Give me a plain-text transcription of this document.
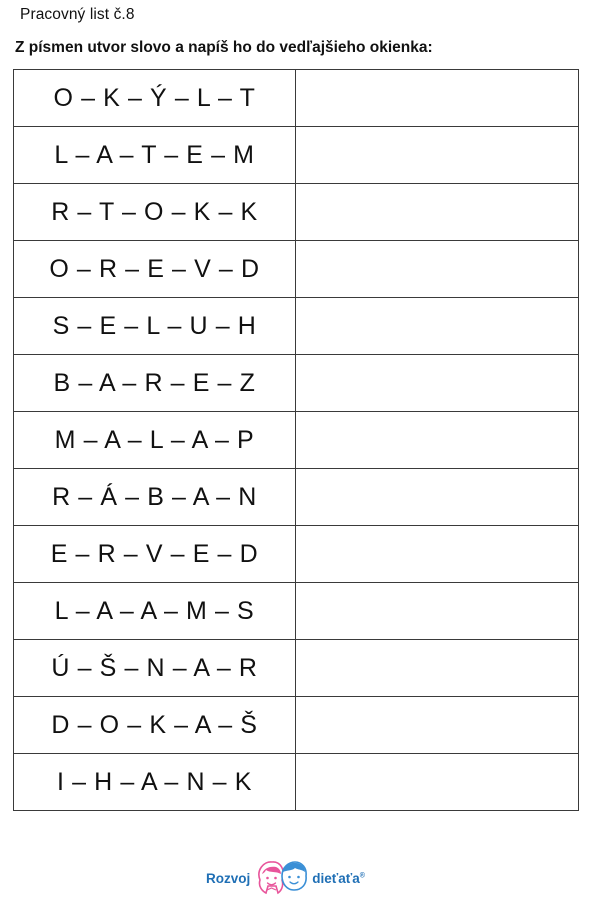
Pracovný list č.8

Z písmen utvor slovo a napíš ho do vedľajšieho okienka:

O – K – Ý – L – T	
L – A – T – E – M	
R – T – O – K – K	
O – R – E – V – D	
S – E – L – U – H	
B – A – R – E – Z	
M – A – L – A – P	
R – Á – B – A – N	
E – R – V – E – D	
L – A – A – M – S	
Ú – Š – N – A – R	
D – O – K – A – Š	
I – H – A – N – K	
Rozvoj	dieťaťa®
